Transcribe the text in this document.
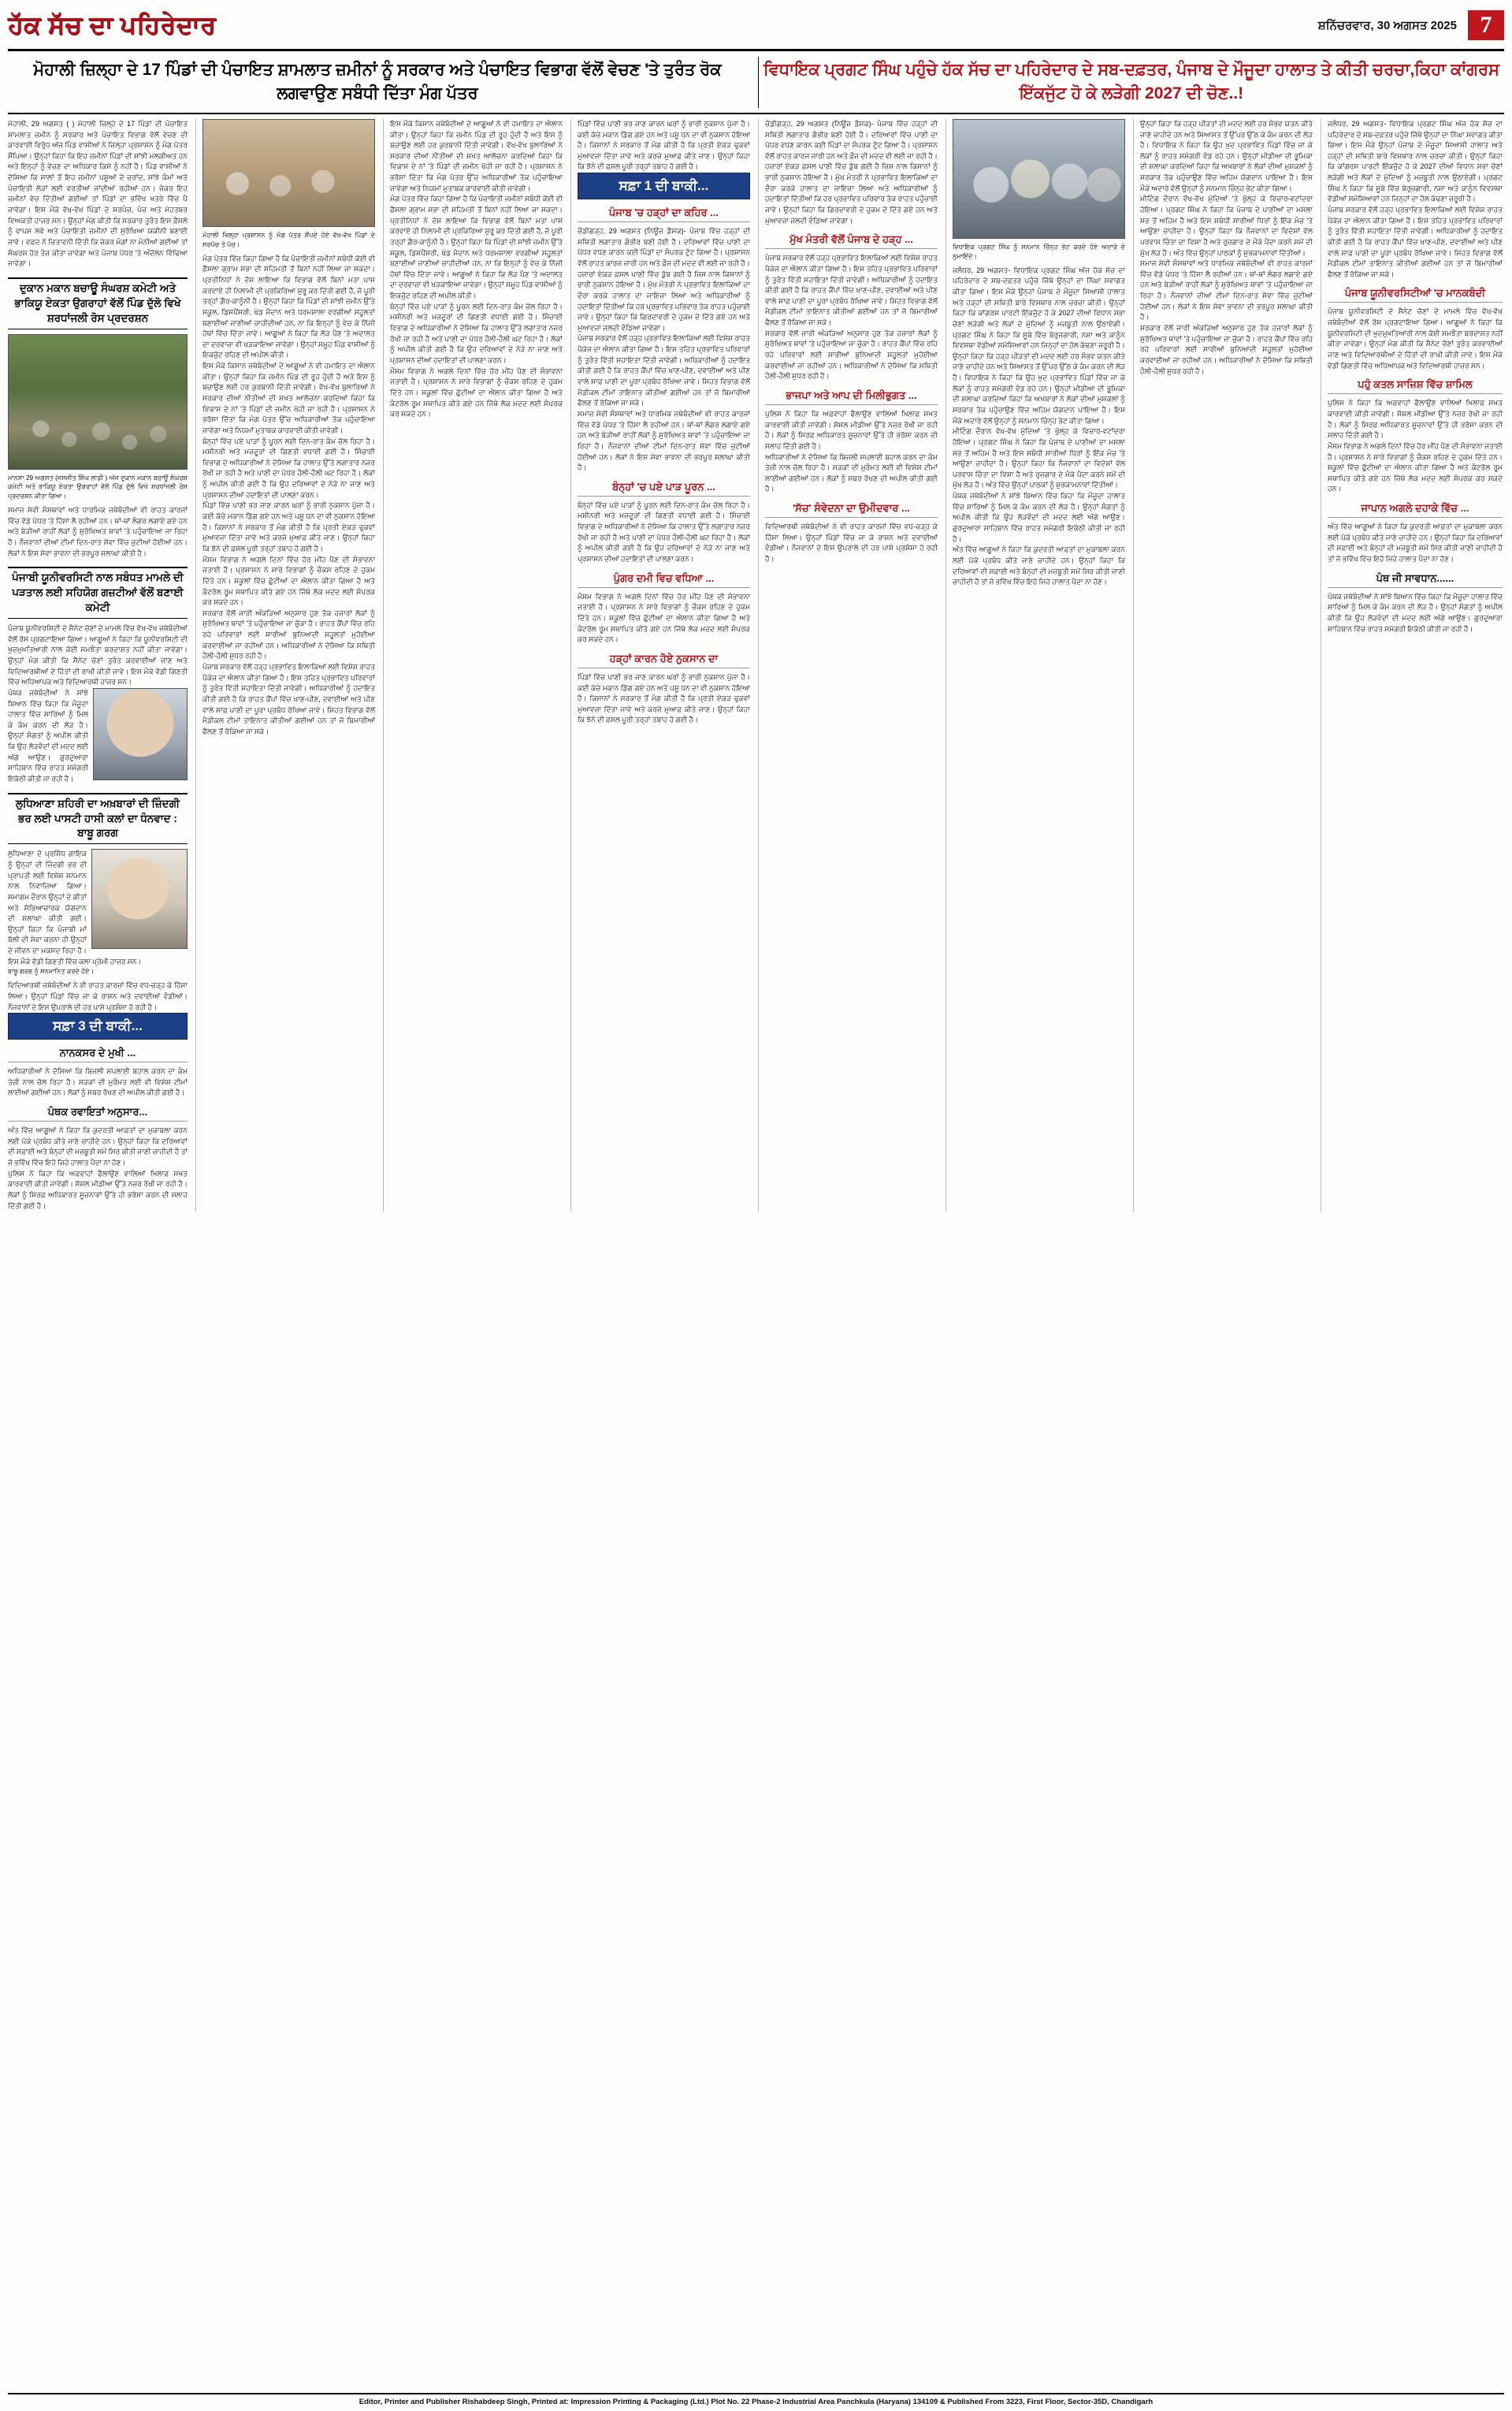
ਹੱਕ ਸੱਚ ਦਾ ਪਹਿਰੇਦਾਰ	ਸ਼ਨਿੱਚਰਵਾਰ, 30 ਅਗਸਤ 2025 7
ਮੋਹਾਲੀ ਜ਼ਿਲ੍ਹਾ ਦੇ 17 ਪਿੰਡਾਂ ਦੀ ਪੰਚਾਇਤ ਸ਼ਾਮਲਾਤ ਜ਼ਮੀਨਾਂ ਨੂੰ ਸਰਕਾਰ ਅਤੇ ਪੰਚਾਇਤ ਵਿਭਾਗ ਵੱਲੋਂ ਵੇਚਣ 'ਤੇ ਤੁਰੰਤ ਰੋਕ ਲਗਵਾਉਣ ਸਬੰਧੀ ਦਿੱਤਾ ਮੰਗ ਪੱਤਰ
ਵਿਧਾਇਕ ਪ੍ਰਗਟ ਸਿੰਘ ਪਹੁੰਚੇ ਹੱਕ ਸੱਚ ਦਾ ਪਹਿਰੇਦਾਰ ਦੇ ਸਬ-ਦਫ਼ਤਰ, ਪੰਜਾਬ ਦੇ ਮੌਜੂਦਾ ਹਾਲਾਤ ਤੇ ਕੀਤੀ ਚਰਚਾ,ਕਿਹਾ ਕਾਂਗਰਸ ਇੱਕਜੁੱਟ ਹੋ ਕੇ ਲੜੇਗੀ 2027 ਦੀ ਚੋਣ..!
ਮੋਹਾਲੀ, 29 ਅਗਸਤ ( ) ਮੋਹਾਲੀ ਜ਼ਿਲ੍ਹੇ ਦੇ 17 ਪਿੰਡਾਂ ਦੀ ਪੰਚਾਇਤ ਸ਼ਾਮਲਾਤ ਜ਼ਮੀਨ ਨੂੰ ਸਰਕਾਰ ਅਤੇ ਪੰਚਾਇਤ ਵਿਭਾਗ ਵੱਲੋਂ ਵੇਚਣ ਦੀ ਕਾਰਵਾਈ ਵਿਰੁੱਧ ਅੱਜ ਪਿੰਡ ਵਾਸੀਆਂ ਨੇ ਜ਼ਿਲ੍ਹਾ ਪ੍ਰਸ਼ਾਸਨ ਨੂੰ ਮੰਗ ਪੱਤਰ ਸੌਂਪਿਆ। ਉਨ੍ਹਾਂ ਕਿਹਾ ਕਿ ਇਹ ਜ਼ਮੀਨਾਂ ਪਿੰਡਾਂ ਦੀ ਸਾਂਝੀ ਮਲਕੀਅਤ ਹਨ ਅਤੇ ਇਨ੍ਹਾਂ ਨੂੰ ਵੇਚਣ ਦਾ ਅਧਿਕਾਰ ਕਿਸੇ ਨੂੰ ਨਹੀਂ ਹੈ। ਪਿੰਡ ਵਾਸੀਆਂ ਨੇ ਦੱਸਿਆ ਕਿ ਸਾਲਾਂ ਤੋਂ ਇਹ ਜ਼ਮੀਨਾਂ ਪਸ਼ੂਆਂ ਦੇ ਚਰਾਂਦ, ਸਾਂਝੇ ਕੰਮਾਂ ਅਤੇ ਪੰਚਾਇਤੀ ਲੋੜਾਂ ਲਈ ਵਰਤੀਆਂ ਜਾਂਦੀਆਂ ਰਹੀਆਂ ਹਨ। ਜੇਕਰ ਇਹ ਜ਼ਮੀਨਾਂ ਵੇਚ ਦਿੱਤੀਆਂ ਗਈਆਂ ਤਾਂ ਪਿੰਡਾਂ ਦਾ ਭਵਿੱਖ ਖ਼ਤਰੇ ਵਿੱਚ ਪੈ ਜਾਵੇਗਾ। ਇਸ ਮੌਕੇ ਵੱਖ-ਵੱਖ ਪਿੰਡਾਂ ਦੇ ਸਰਪੰਚ, ਪੰਚ ਅਤੇ ਮੋਹਤਬਰ ਵਿਅਕਤੀ ਹਾਜ਼ਰ ਸਨ। ਉਨ੍ਹਾਂ ਮੰਗ ਕੀਤੀ ਕਿ ਸਰਕਾਰ ਤੁਰੰਤ ਇਸ ਫ਼ੈਸਲੇ ਨੂੰ ਵਾਪਸ ਲਵੇ ਅਤੇ ਪੰਚਾਇਤੀ ਜ਼ਮੀਨਾਂ ਦੀ ਸੁਰੱਖਿਆ ਯਕੀਨੀ ਬਣਾਈ ਜਾਵੇ। ਵਫ਼ਦ ਨੇ ਚਿਤਾਵਨੀ ਦਿੱਤੀ ਕਿ ਜੇਕਰ ਮੰਗਾਂ ਨਾ ਮੰਨੀਆਂ ਗਈਆਂ ਤਾਂ ਸੰਘਰਸ਼ ਹੋਰ ਤੇਜ਼ ਕੀਤਾ ਜਾਵੇਗਾ ਅਤੇ ਪੰਜਾਬ ਪੱਧਰ 'ਤੇ ਅੰਦੋਲਨ ਵਿੱਢਿਆ ਜਾਵੇਗਾ।
ਦੁਕਾਨ ਮਕਾਨ ਬਚਾਊ ਸੰਘਰਸ਼ ਕਮੇਟੀ ਅਤੇ ਭਾਕਿਯੂ ਏਕਤਾ ਉਗਰਾਹਾਂ ਵੱਲੋਂ ਪਿੰਡ ਦੁੱਲੋ ਵਿਖੇ ਸ਼ਰਧਾਂਜਲੀ ਰੋਸ ਪ੍ਰਦਰਸ਼ਨ
ਮਾਨਸਾ 29 ਅਗਸਤ (ਜਸਜੀਤ ਸਿੰਘ ਲਾਡੀ ) ਅੱਜ ਦੁਕਾਨ ਮਕਾਨ ਬਚਾਊ ਸੰਘਰਸ਼ ਕਮੇਟੀ ਅਤੇ ਭਾਕਿਯੂ ਏਕਤਾ ਉਗਰਾਹਾਂ ਵੱਲੋਂ ਪਿੰਡ ਦੁੱਲੋ ਵਿਖੇ ਸ਼ਰਧਾਂਜਲੀ ਰੋਸ ਪ੍ਰਦਰਸ਼ਨ ਕੀਤਾ ਗਿਆ।
ਸਮਾਜ ਸੇਵੀ ਸੰਸਥਾਵਾਂ ਅਤੇ ਧਾਰਮਿਕ ਜਥੇਬੰਦੀਆਂ ਵੀ ਰਾਹਤ ਕਾਰਜਾਂ ਵਿੱਚ ਵੱਡੇ ਪੱਧਰ 'ਤੇ ਹਿੱਸਾ ਲੈ ਰਹੀਆਂ ਹਨ। ਥਾਂ-ਥਾਂ ਲੰਗਰ ਲਗਾਏ ਗਏ ਹਨ ਅਤੇ ਬੇੜੀਆਂ ਰਾਹੀਂ ਲੋਕਾਂ ਨੂੰ ਸੁਰੱਖਿਅਤ ਥਾਵਾਂ 'ਤੇ ਪਹੁੰਚਾਇਆ ਜਾ ਰਿਹਾ ਹੈ। ਨੌਜਵਾਨਾਂ ਦੀਆਂ ਟੀਮਾਂ ਦਿਨ-ਰਾਤ ਸੇਵਾ ਵਿੱਚ ਜੁਟੀਆਂ ਹੋਈਆਂ ਹਨ। ਲੋਕਾਂ ਨੇ ਇਸ ਸੇਵਾ ਭਾਵਨਾ ਦੀ ਭਰਪੂਰ ਸ਼ਲਾਘਾ ਕੀਤੀ ਹੈ।
ਪੰਜਾਬੀ ਯੂਨੀਵਰਸਿਟੀ ਨਾਲ ਸਬੰਧਤ ਮਾਮਲੇ ਦੀ ਪੜਤਾਲ ਲਈ ਸਹਿਯੋਗ ਗਜ਼ਟੀਆਂ ਵੱਲੋਂ ਬਣਾਈ ਕਮੇਟੀ
ਪੰਜਾਬ ਯੂਨੀਵਰਸਿਟੀ ਦੇ ਸੈਨੇਟ ਚੋਣਾਂ ਦੇ ਮਾਮਲੇ ਵਿੱਚ ਵੱਖ-ਵੱਖ ਜਥੇਬੰਦੀਆਂ ਵੱਲੋਂ ਰੋਸ ਪ੍ਰਗਟਾਇਆ ਗਿਆ। ਆਗੂਆਂ ਨੇ ਕਿਹਾ ਕਿ ਯੂਨੀਵਰਸਿਟੀ ਦੀ ਖ਼ੁਦਮੁਖ਼ਤਿਆਰੀ ਨਾਲ ਕੋਈ ਸਮਝੌਤਾ ਬਰਦਾਸ਼ਤ ਨਹੀਂ ਕੀਤਾ ਜਾਵੇਗਾ। ਉਨ੍ਹਾਂ ਮੰਗ ਕੀਤੀ ਕਿ ਸੈਨੇਟ ਚੋਣਾਂ ਤੁਰੰਤ ਕਰਵਾਈਆਂ ਜਾਣ ਅਤੇ ਵਿਦਿਆਰਥੀਆਂ ਦੇ ਹਿੱਤਾਂ ਦੀ ਰਾਖੀ ਕੀਤੀ ਜਾਵੇ। ਇਸ ਮੌਕੇ ਵੱਡੀ ਗਿਣਤੀ ਵਿੱਚ ਅਧਿਆਪਕ ਅਤੇ ਵਿਦਿਆਰਥੀ ਹਾਜ਼ਰ ਸਨ।
ਪੰਥਕ ਜਥੇਬੰਦੀਆਂ ਨੇ ਸਾਂਝੇ ਬਿਆਨ ਵਿੱਚ ਕਿਹਾ ਕਿ ਮੌਜੂਦਾ ਹਾਲਾਤ ਵਿੱਚ ਸਾਰਿਆਂ ਨੂੰ ਮਿਲ ਕੇ ਕੰਮ ਕਰਨ ਦੀ ਲੋੜ ਹੈ। ਉਨ੍ਹਾਂ ਸੰਗਤਾਂ ਨੂੰ ਅਪੀਲ ਕੀਤੀ ਕਿ ਉਹ ਲੋੜਵੰਦਾਂ ਦੀ ਮਦਦ ਲਈ ਅੱਗੇ ਆਉਣ। ਗੁਰਦੁਆਰਾ ਸਾਹਿਬਾਨ ਵਿੱਚ ਰਾਹਤ ਸਮੱਗਰੀ ਇਕੱਠੀ ਕੀਤੀ ਜਾ ਰਹੀ ਹੈ।
ਲੁਧਿਆਣਾ ਸ਼ਹਿਰੀ ਦਾ ਅਖ਼ਬਾਰਾਂ ਦੀ ਜ਼ਿੰਦਗੀ ਭਰ ਲਈ ਪਾਸਟੀ ਹਾਸੀ ਕਲਾਂ ਦਾ ਧੰਨਵਾਦ : ਬਾਬੂ ਗਰਗ
ਲੁਧਿਆਣਾ ਦੇ ਪ੍ਰਸਿੱਧ ਗਾਇਕ ਨੂੰ ਉਨ੍ਹਾਂ ਦੀ ਜ਼ਿੰਦਗੀ ਭਰ ਦੀ ਪ੍ਰਾਪਤੀ ਲਈ ਵਿਸ਼ੇਸ਼ ਸਨਮਾਨ ਨਾਲ ਨਿਵਾਜਿਆ ਗਿਆ। ਸਮਾਗਮ ਦੌਰਾਨ ਉਨ੍ਹਾਂ ਦੇ ਗੀਤਾਂ ਅਤੇ ਸੱਭਿਆਚਾਰਕ ਯੋਗਦਾਨ ਦੀ ਸ਼ਲਾਘਾ ਕੀਤੀ ਗਈ। ਉਨ੍ਹਾਂ ਕਿਹਾ ਕਿ ਪੰਜਾਬੀ ਮਾਂ ਬੋਲੀ ਦੀ ਸੇਵਾ ਕਰਨਾ ਹੀ ਉਨ੍ਹਾਂ ਦੇ ਜੀਵਨ ਦਾ ਮਕਸਦ ਰਿਹਾ ਹੈ। ਇਸ ਮੌਕੇ ਵੱਡੀ ਗਿਣਤੀ ਵਿੱਚ ਕਲਾ ਪ੍ਰੇਮੀ ਹਾਜ਼ਰ ਸਨ।
ਬਾਬੂ ਗਰਗ ਨੂੰ ਸਨਮਾਨਿਤ ਕਰਦੇ ਹੋਏ।
ਵਿਦਿਆਰਥੀ ਜਥੇਬੰਦੀਆਂ ਨੇ ਵੀ ਰਾਹਤ ਕਾਰਜਾਂ ਵਿੱਚ ਵਧ-ਚੜ੍ਹ ਕੇ ਹਿੱਸਾ ਲਿਆ। ਉਨ੍ਹਾਂ ਪਿੰਡਾਂ ਵਿੱਚ ਜਾ ਕੇ ਰਾਸ਼ਨ ਅਤੇ ਦਵਾਈਆਂ ਵੰਡੀਆਂ। ਨੌਜਵਾਨਾਂ ਦੇ ਇਸ ਉਪਰਾਲੇ ਦੀ ਹਰ ਪਾਸੇ ਪ੍ਰਸ਼ੰਸਾ ਹੋ ਰਹੀ ਹੈ।
ਸਫ਼ਾ 3 ਦੀ ਬਾਕੀ...
ਨਾਨਕਸਰ ਦੇ ਮੁਖੀ ...
ਅਧਿਕਾਰੀਆਂ ਨੇ ਦੱਸਿਆ ਕਿ ਬਿਜਲੀ ਸਪਲਾਈ ਬਹਾਲ ਕਰਨ ਦਾ ਕੰਮ ਤੇਜ਼ੀ ਨਾਲ ਚੱਲ ਰਿਹਾ ਹੈ। ਸੜਕਾਂ ਦੀ ਮੁਰੰਮਤ ਲਈ ਵੀ ਵਿਸ਼ੇਸ਼ ਟੀਮਾਂ ਲਾਈਆਂ ਗਈਆਂ ਹਨ। ਲੋਕਾਂ ਨੂੰ ਸਬਰ ਰੱਖਣ ਦੀ ਅਪੀਲ ਕੀਤੀ ਗਈ ਹੈ।
ਪੰਥਕ ਰਵਾਇਤਾਂ ਅਨੁਸਾਰ...
ਅੰਤ ਵਿੱਚ ਆਗੂਆਂ ਨੇ ਕਿਹਾ ਕਿ ਕੁਦਰਤੀ ਆਫ਼ਤਾਂ ਦਾ ਮੁਕਾਬਲਾ ਕਰਨ ਲਈ ਪੱਕੇ ਪ੍ਰਬੰਧ ਕੀਤੇ ਜਾਣੇ ਚਾਹੀਦੇ ਹਨ। ਉਨ੍ਹਾਂ ਕਿਹਾ ਕਿ ਦਰਿਆਵਾਂ ਦੀ ਸਫ਼ਾਈ ਅਤੇ ਬੰਨ੍ਹਾਂ ਦੀ ਮਜ਼ਬੂਤੀ ਸਮੇਂ ਸਿਰ ਕੀਤੀ ਜਾਣੀ ਚਾਹੀਦੀ ਹੈ ਤਾਂ ਜੋ ਭਵਿੱਖ ਵਿੱਚ ਇਹੋ ਜਿਹੇ ਹਾਲਾਤ ਪੈਦਾ ਨਾ ਹੋਣ।
ਪੁਲਿਸ ਨੇ ਕਿਹਾ ਕਿ ਅਫ਼ਵਾਹਾਂ ਫੈਲਾਉਣ ਵਾਲਿਆਂ ਖ਼ਿਲਾਫ਼ ਸਖ਼ਤ ਕਾਰਵਾਈ ਕੀਤੀ ਜਾਵੇਗੀ। ਸੋਸ਼ਲ ਮੀਡੀਆ ਉੱਤੇ ਨਜ਼ਰ ਰੱਖੀ ਜਾ ਰਹੀ ਹੈ। ਲੋਕਾਂ ਨੂੰ ਸਿਰਫ਼ ਅਧਿਕਾਰਤ ਸੂਚਨਾਵਾਂ ਉੱਤੇ ਹੀ ਭਰੋਸਾ ਕਰਨ ਦੀ ਸਲਾਹ ਦਿੱਤੀ ਗਈ ਹੈ।
ਮੋਹਾਲੀ ਜ਼ਿਲ੍ਹਾ ਪ੍ਰਸ਼ਾਸਨ ਨੂੰ ਮੰਗ ਪੱਤਰ ਸੌਂਪਦੇ ਹੋਏ ਵੱਖ-ਵੱਖ ਪਿੰਡਾਂ ਦੇ ਸਰਪੰਚ ਤੇ ਪੰਚ।
ਮੰਗ ਪੱਤਰ ਵਿੱਚ ਕਿਹਾ ਗਿਆ ਹੈ ਕਿ ਪੰਚਾਇਤੀ ਜ਼ਮੀਨਾਂ ਸਬੰਧੀ ਕੋਈ ਵੀ ਫ਼ੈਸਲਾ ਗ੍ਰਾਮ ਸਭਾ ਦੀ ਸਹਿਮਤੀ ਤੋਂ ਬਿਨਾਂ ਨਹੀਂ ਲਿਆ ਜਾ ਸਕਦਾ। ਪ੍ਰਤੀਨਿਧਾਂ ਨੇ ਦੋਸ਼ ਲਾਇਆ ਕਿ ਵਿਭਾਗ ਵੱਲੋਂ ਬਿਨਾਂ ਮਤਾ ਪਾਸ ਕਰਵਾਏ ਹੀ ਨਿਲਾਮੀ ਦੀ ਪ੍ਰਕਿਰਿਆ ਸ਼ੁਰੂ ਕਰ ਦਿੱਤੀ ਗਈ ਹੈ, ਜੋ ਪੂਰੀ ਤਰ੍ਹਾਂ ਗ਼ੈਰ-ਕਾਨੂੰਨੀ ਹੈ। ਉਨ੍ਹਾਂ ਕਿਹਾ ਕਿ ਪਿੰਡਾਂ ਦੀ ਸਾਂਝੀ ਜ਼ਮੀਨ ਉੱਤੇ ਸਕੂਲ, ਡਿਸਪੈਂਸਰੀ, ਖੇਡ ਮੈਦਾਨ ਅਤੇ ਧਰਮਸ਼ਾਲਾ ਵਰਗੀਆਂ ਸਹੂਲਤਾਂ ਬਣਾਈਆਂ ਜਾਣੀਆਂ ਚਾਹੀਦੀਆਂ ਹਨ, ਨਾ ਕਿ ਇਨ੍ਹਾਂ ਨੂੰ ਵੇਚ ਕੇ ਨਿੱਜੀ ਹੱਥਾਂ ਵਿੱਚ ਦਿੱਤਾ ਜਾਵੇ। ਆਗੂਆਂ ਨੇ ਕਿਹਾ ਕਿ ਲੋੜ ਪੈਣ 'ਤੇ ਅਦਾਲਤ ਦਾ ਦਰਵਾਜ਼ਾ ਵੀ ਖੜਕਾਇਆ ਜਾਵੇਗਾ। ਉਨ੍ਹਾਂ ਸਮੂਹ ਪਿੰਡ ਵਾਸੀਆਂ ਨੂੰ ਇਕਜੁੱਟ ਰਹਿਣ ਦੀ ਅਪੀਲ ਕੀਤੀ।
ਇਸ ਮੌਕੇ ਕਿਸਾਨ ਜਥੇਬੰਦੀਆਂ ਦੇ ਆਗੂਆਂ ਨੇ ਵੀ ਹਮਾਇਤ ਦਾ ਐਲਾਨ ਕੀਤਾ। ਉਨ੍ਹਾਂ ਕਿਹਾ ਕਿ ਜ਼ਮੀਨ ਪਿੰਡ ਦੀ ਰੂਹ ਹੁੰਦੀ ਹੈ ਅਤੇ ਇਸ ਨੂੰ ਬਚਾਉਣ ਲਈ ਹਰ ਕੁਰਬਾਨੀ ਦਿੱਤੀ ਜਾਵੇਗੀ। ਵੱਖ-ਵੱਖ ਬੁਲਾਰਿਆਂ ਨੇ ਸਰਕਾਰ ਦੀਆਂ ਨੀਤੀਆਂ ਦੀ ਸਖ਼ਤ ਆਲੋਚਨਾ ਕਰਦਿਆਂ ਕਿਹਾ ਕਿ ਵਿਕਾਸ ਦੇ ਨਾਂ 'ਤੇ ਪਿੰਡਾਂ ਦੀ ਜ਼ਮੀਨ ਖੋਹੀ ਜਾ ਰਹੀ ਹੈ। ਪ੍ਰਸ਼ਾਸਨ ਨੇ ਭਰੋਸਾ ਦਿੱਤਾ ਕਿ ਮੰਗ ਪੱਤਰ ਉੱਚ ਅਧਿਕਾਰੀਆਂ ਤੱਕ ਪਹੁੰਚਾਇਆ ਜਾਵੇਗਾ ਅਤੇ ਨਿਯਮਾਂ ਮੁਤਾਬਕ ਕਾਰਵਾਈ ਕੀਤੀ ਜਾਵੇਗੀ।
ਬੰਨ੍ਹਾਂ ਵਿੱਚ ਪਏ ਪਾੜਾਂ ਨੂੰ ਪੂਰਨ ਲਈ ਦਿਨ-ਰਾਤ ਕੰਮ ਚੱਲ ਰਿਹਾ ਹੈ। ਮਸ਼ੀਨਰੀ ਅਤੇ ਮਜ਼ਦੂਰਾਂ ਦੀ ਗਿਣਤੀ ਵਧਾਈ ਗਈ ਹੈ। ਸਿੰਚਾਈ ਵਿਭਾਗ ਦੇ ਅਧਿਕਾਰੀਆਂ ਨੇ ਦੱਸਿਆ ਕਿ ਹਾਲਾਤ ਉੱਤੇ ਲਗਾਤਾਰ ਨਜ਼ਰ ਰੱਖੀ ਜਾ ਰਹੀ ਹੈ ਅਤੇ ਪਾਣੀ ਦਾ ਪੱਧਰ ਹੌਲੀ-ਹੌਲੀ ਘਟ ਰਿਹਾ ਹੈ। ਲੋਕਾਂ ਨੂੰ ਅਪੀਲ ਕੀਤੀ ਗਈ ਹੈ ਕਿ ਉਹ ਦਰਿਆਵਾਂ ਦੇ ਨੇੜੇ ਨਾ ਜਾਣ ਅਤੇ ਪ੍ਰਸ਼ਾਸਨ ਦੀਆਂ ਹਦਾਇਤਾਂ ਦੀ ਪਾਲਣਾ ਕਰਨ।
ਪਿੰਡਾਂ ਵਿੱਚ ਪਾਣੀ ਭਰ ਜਾਣ ਕਾਰਨ ਘਰਾਂ ਨੂੰ ਭਾਰੀ ਨੁਕਸਾਨ ਪੁੱਜਾ ਹੈ। ਕਈ ਕੱਚੇ ਮਕਾਨ ਡਿੱਗ ਗਏ ਹਨ ਅਤੇ ਪਸ਼ੂ ਧਨ ਦਾ ਵੀ ਨੁਕਸਾਨ ਹੋਇਆ ਹੈ। ਕਿਸਾਨਾਂ ਨੇ ਸਰਕਾਰ ਤੋਂ ਮੰਗ ਕੀਤੀ ਹੈ ਕਿ ਪ੍ਰਤੀ ਏਕੜ ਢੁਕਵਾਂ ਮੁਆਵਜ਼ਾ ਦਿੱਤਾ ਜਾਵੇ ਅਤੇ ਕਰਜ਼ੇ ਮੁਆਫ਼ ਕੀਤੇ ਜਾਣ। ਉਨ੍ਹਾਂ ਕਿਹਾ ਕਿ ਝੋਨੇ ਦੀ ਫ਼ਸਲ ਪੂਰੀ ਤਰ੍ਹਾਂ ਤਬਾਹ ਹੋ ਗਈ ਹੈ।
ਮੌਸਮ ਵਿਭਾਗ ਨੇ ਅਗਲੇ ਦਿਨਾਂ ਵਿੱਚ ਹੋਰ ਮੀਂਹ ਪੈਣ ਦੀ ਸੰਭਾਵਨਾ ਜਤਾਈ ਹੈ। ਪ੍ਰਸ਼ਾਸਨ ਨੇ ਸਾਰੇ ਵਿਭਾਗਾਂ ਨੂੰ ਚੌਕਸ ਰਹਿਣ ਦੇ ਹੁਕਮ ਦਿੱਤੇ ਹਨ। ਸਕੂਲਾਂ ਵਿੱਚ ਛੁੱਟੀਆਂ ਦਾ ਐਲਾਨ ਕੀਤਾ ਗਿਆ ਹੈ ਅਤੇ ਕੰਟਰੋਲ ਰੂਮ ਸਥਾਪਿਤ ਕੀਤੇ ਗਏ ਹਨ ਜਿੱਥੇ ਲੋਕ ਮਦਦ ਲਈ ਸੰਪਰਕ ਕਰ ਸਕਦੇ ਹਨ।
ਸਰਕਾਰ ਵੱਲੋਂ ਜਾਰੀ ਅੰਕੜਿਆਂ ਅਨੁਸਾਰ ਹੁਣ ਤੱਕ ਹਜ਼ਾਰਾਂ ਲੋਕਾਂ ਨੂੰ ਸੁਰੱਖਿਅਤ ਥਾਵਾਂ 'ਤੇ ਪਹੁੰਚਾਇਆ ਜਾ ਚੁੱਕਾ ਹੈ। ਰਾਹਤ ਕੈਂਪਾਂ ਵਿੱਚ ਰਹਿ ਰਹੇ ਪਰਿਵਾਰਾਂ ਲਈ ਸਾਰੀਆਂ ਬੁਨਿਆਦੀ ਸਹੂਲਤਾਂ ਮੁਹੱਈਆ ਕਰਵਾਈਆਂ ਜਾ ਰਹੀਆਂ ਹਨ। ਅਧਿਕਾਰੀਆਂ ਨੇ ਦੱਸਿਆ ਕਿ ਸਥਿਤੀ ਹੌਲੀ-ਹੌਲੀ ਸੁਧਰ ਰਹੀ ਹੈ।
ਪੰਜਾਬ ਸਰਕਾਰ ਵੱਲੋਂ ਹੜ੍ਹ ਪ੍ਰਭਾਵਿਤ ਇਲਾਕਿਆਂ ਲਈ ਵਿਸ਼ੇਸ਼ ਰਾਹਤ ਪੈਕੇਜ ਦਾ ਐਲਾਨ ਕੀਤਾ ਗਿਆ ਹੈ। ਇਸ ਤਹਿਤ ਪ੍ਰਭਾਵਿਤ ਪਰਿਵਾਰਾਂ ਨੂੰ ਤੁਰੰਤ ਵਿੱਤੀ ਸਹਾਇਤਾ ਦਿੱਤੀ ਜਾਵੇਗੀ। ਅਧਿਕਾਰੀਆਂ ਨੂੰ ਹਦਾਇਤ ਕੀਤੀ ਗਈ ਹੈ ਕਿ ਰਾਹਤ ਕੈਂਪਾਂ ਵਿੱਚ ਖਾਣ-ਪੀਣ, ਦਵਾਈਆਂ ਅਤੇ ਪੀਣ ਵਾਲੇ ਸਾਫ਼ ਪਾਣੀ ਦਾ ਪੂਰਾ ਪ੍ਰਬੰਧ ਰੱਖਿਆ ਜਾਵੇ। ਸਿਹਤ ਵਿਭਾਗ ਵੱਲੋਂ ਮੈਡੀਕਲ ਟੀਮਾਂ ਤਾਇਨਾਤ ਕੀਤੀਆਂ ਗਈਆਂ ਹਨ ਤਾਂ ਜੋ ਬਿਮਾਰੀਆਂ ਫੈਲਣ ਤੋਂ ਰੋਕਿਆ ਜਾ ਸਕੇ।
ਇਸ ਮੌਕੇ ਕਿਸਾਨ ਜਥੇਬੰਦੀਆਂ ਦੇ ਆਗੂਆਂ ਨੇ ਵੀ ਹਮਾਇਤ ਦਾ ਐਲਾਨ ਕੀਤਾ। ਉਨ੍ਹਾਂ ਕਿਹਾ ਕਿ ਜ਼ਮੀਨ ਪਿੰਡ ਦੀ ਰੂਹ ਹੁੰਦੀ ਹੈ ਅਤੇ ਇਸ ਨੂੰ ਬਚਾਉਣ ਲਈ ਹਰ ਕੁਰਬਾਨੀ ਦਿੱਤੀ ਜਾਵੇਗੀ। ਵੱਖ-ਵੱਖ ਬੁਲਾਰਿਆਂ ਨੇ ਸਰਕਾਰ ਦੀਆਂ ਨੀਤੀਆਂ ਦੀ ਸਖ਼ਤ ਆਲੋਚਨਾ ਕਰਦਿਆਂ ਕਿਹਾ ਕਿ ਵਿਕਾਸ ਦੇ ਨਾਂ 'ਤੇ ਪਿੰਡਾਂ ਦੀ ਜ਼ਮੀਨ ਖੋਹੀ ਜਾ ਰਹੀ ਹੈ। ਪ੍ਰਸ਼ਾਸਨ ਨੇ ਭਰੋਸਾ ਦਿੱਤਾ ਕਿ ਮੰਗ ਪੱਤਰ ਉੱਚ ਅਧਿਕਾਰੀਆਂ ਤੱਕ ਪਹੁੰਚਾਇਆ ਜਾਵੇਗਾ ਅਤੇ ਨਿਯਮਾਂ ਮੁਤਾਬਕ ਕਾਰਵਾਈ ਕੀਤੀ ਜਾਵੇਗੀ।
ਮੰਗ ਪੱਤਰ ਵਿੱਚ ਕਿਹਾ ਗਿਆ ਹੈ ਕਿ ਪੰਚਾਇਤੀ ਜ਼ਮੀਨਾਂ ਸਬੰਧੀ ਕੋਈ ਵੀ ਫ਼ੈਸਲਾ ਗ੍ਰਾਮ ਸਭਾ ਦੀ ਸਹਿਮਤੀ ਤੋਂ ਬਿਨਾਂ ਨਹੀਂ ਲਿਆ ਜਾ ਸਕਦਾ। ਪ੍ਰਤੀਨਿਧਾਂ ਨੇ ਦੋਸ਼ ਲਾਇਆ ਕਿ ਵਿਭਾਗ ਵੱਲੋਂ ਬਿਨਾਂ ਮਤਾ ਪਾਸ ਕਰਵਾਏ ਹੀ ਨਿਲਾਮੀ ਦੀ ਪ੍ਰਕਿਰਿਆ ਸ਼ੁਰੂ ਕਰ ਦਿੱਤੀ ਗਈ ਹੈ, ਜੋ ਪੂਰੀ ਤਰ੍ਹਾਂ ਗ਼ੈਰ-ਕਾਨੂੰਨੀ ਹੈ। ਉਨ੍ਹਾਂ ਕਿਹਾ ਕਿ ਪਿੰਡਾਂ ਦੀ ਸਾਂਝੀ ਜ਼ਮੀਨ ਉੱਤੇ ਸਕੂਲ, ਡਿਸਪੈਂਸਰੀ, ਖੇਡ ਮੈਦਾਨ ਅਤੇ ਧਰਮਸ਼ਾਲਾ ਵਰਗੀਆਂ ਸਹੂਲਤਾਂ ਬਣਾਈਆਂ ਜਾਣੀਆਂ ਚਾਹੀਦੀਆਂ ਹਨ, ਨਾ ਕਿ ਇਨ੍ਹਾਂ ਨੂੰ ਵੇਚ ਕੇ ਨਿੱਜੀ ਹੱਥਾਂ ਵਿੱਚ ਦਿੱਤਾ ਜਾਵੇ। ਆਗੂਆਂ ਨੇ ਕਿਹਾ ਕਿ ਲੋੜ ਪੈਣ 'ਤੇ ਅਦਾਲਤ ਦਾ ਦਰਵਾਜ਼ਾ ਵੀ ਖੜਕਾਇਆ ਜਾਵੇਗਾ। ਉਨ੍ਹਾਂ ਸਮੂਹ ਪਿੰਡ ਵਾਸੀਆਂ ਨੂੰ ਇਕਜੁੱਟ ਰਹਿਣ ਦੀ ਅਪੀਲ ਕੀਤੀ।
ਬੰਨ੍ਹਾਂ ਵਿੱਚ ਪਏ ਪਾੜਾਂ ਨੂੰ ਪੂਰਨ ਲਈ ਦਿਨ-ਰਾਤ ਕੰਮ ਚੱਲ ਰਿਹਾ ਹੈ। ਮਸ਼ੀਨਰੀ ਅਤੇ ਮਜ਼ਦੂਰਾਂ ਦੀ ਗਿਣਤੀ ਵਧਾਈ ਗਈ ਹੈ। ਸਿੰਚਾਈ ਵਿਭਾਗ ਦੇ ਅਧਿਕਾਰੀਆਂ ਨੇ ਦੱਸਿਆ ਕਿ ਹਾਲਾਤ ਉੱਤੇ ਲਗਾਤਾਰ ਨਜ਼ਰ ਰੱਖੀ ਜਾ ਰਹੀ ਹੈ ਅਤੇ ਪਾਣੀ ਦਾ ਪੱਧਰ ਹੌਲੀ-ਹੌਲੀ ਘਟ ਰਿਹਾ ਹੈ। ਲੋਕਾਂ ਨੂੰ ਅਪੀਲ ਕੀਤੀ ਗਈ ਹੈ ਕਿ ਉਹ ਦਰਿਆਵਾਂ ਦੇ ਨੇੜੇ ਨਾ ਜਾਣ ਅਤੇ ਪ੍ਰਸ਼ਾਸਨ ਦੀਆਂ ਹਦਾਇਤਾਂ ਦੀ ਪਾਲਣਾ ਕਰਨ।
ਮੌਸਮ ਵਿਭਾਗ ਨੇ ਅਗਲੇ ਦਿਨਾਂ ਵਿੱਚ ਹੋਰ ਮੀਂਹ ਪੈਣ ਦੀ ਸੰਭਾਵਨਾ ਜਤਾਈ ਹੈ। ਪ੍ਰਸ਼ਾਸਨ ਨੇ ਸਾਰੇ ਵਿਭਾਗਾਂ ਨੂੰ ਚੌਕਸ ਰਹਿਣ ਦੇ ਹੁਕਮ ਦਿੱਤੇ ਹਨ। ਸਕੂਲਾਂ ਵਿੱਚ ਛੁੱਟੀਆਂ ਦਾ ਐਲਾਨ ਕੀਤਾ ਗਿਆ ਹੈ ਅਤੇ ਕੰਟਰੋਲ ਰੂਮ ਸਥਾਪਿਤ ਕੀਤੇ ਗਏ ਹਨ ਜਿੱਥੇ ਲੋਕ ਮਦਦ ਲਈ ਸੰਪਰਕ ਕਰ ਸਕਦੇ ਹਨ।
ਪਿੰਡਾਂ ਵਿੱਚ ਪਾਣੀ ਭਰ ਜਾਣ ਕਾਰਨ ਘਰਾਂ ਨੂੰ ਭਾਰੀ ਨੁਕਸਾਨ ਪੁੱਜਾ ਹੈ। ਕਈ ਕੱਚੇ ਮਕਾਨ ਡਿੱਗ ਗਏ ਹਨ ਅਤੇ ਪਸ਼ੂ ਧਨ ਦਾ ਵੀ ਨੁਕਸਾਨ ਹੋਇਆ ਹੈ। ਕਿਸਾਨਾਂ ਨੇ ਸਰਕਾਰ ਤੋਂ ਮੰਗ ਕੀਤੀ ਹੈ ਕਿ ਪ੍ਰਤੀ ਏਕੜ ਢੁਕਵਾਂ ਮੁਆਵਜ਼ਾ ਦਿੱਤਾ ਜਾਵੇ ਅਤੇ ਕਰਜ਼ੇ ਮੁਆਫ਼ ਕੀਤੇ ਜਾਣ। ਉਨ੍ਹਾਂ ਕਿਹਾ ਕਿ ਝੋਨੇ ਦੀ ਫ਼ਸਲ ਪੂਰੀ ਤਰ੍ਹਾਂ ਤਬਾਹ ਹੋ ਗਈ ਹੈ।
ਸਫ਼ਾ 1 ਦੀ ਬਾਕੀ...
ਪੰਜਾਬ 'ਚ ਹੜ੍ਹਾਂ ਦਾ ਕਹਿਰ ...
ਚੰਡੀਗੜ੍ਹ, 29 ਅਗਸਤ (ਨਿਊਜ਼ ਡੈਸਕ)- ਪੰਜਾਬ ਵਿੱਚ ਹੜ੍ਹਾਂ ਦੀ ਸਥਿਤੀ ਲਗਾਤਾਰ ਗੰਭੀਰ ਬਣੀ ਹੋਈ ਹੈ। ਦਰਿਆਵਾਂ ਵਿੱਚ ਪਾਣੀ ਦਾ ਪੱਧਰ ਵਧਣ ਕਾਰਨ ਕਈ ਪਿੰਡਾਂ ਦਾ ਸੰਪਰਕ ਟੁੱਟ ਗਿਆ ਹੈ। ਪ੍ਰਸ਼ਾਸਨ ਵੱਲੋਂ ਰਾਹਤ ਕਾਰਜ ਜਾਰੀ ਹਨ ਅਤੇ ਫ਼ੌਜ ਦੀ ਮਦਦ ਵੀ ਲਈ ਜਾ ਰਹੀ ਹੈ। ਹਜ਼ਾਰਾਂ ਏਕੜ ਫ਼ਸਲ ਪਾਣੀ ਵਿੱਚ ਡੁੱਬ ਗਈ ਹੈ ਜਿਸ ਨਾਲ ਕਿਸਾਨਾਂ ਨੂੰ ਭਾਰੀ ਨੁਕਸਾਨ ਹੋਇਆ ਹੈ। ਮੁੱਖ ਮੰਤਰੀ ਨੇ ਪ੍ਰਭਾਵਿਤ ਇਲਾਕਿਆਂ ਦਾ ਦੌਰਾ ਕਰਕੇ ਹਾਲਾਤ ਦਾ ਜਾਇਜ਼ਾ ਲਿਆ ਅਤੇ ਅਧਿਕਾਰੀਆਂ ਨੂੰ ਹਦਾਇਤਾਂ ਦਿੱਤੀਆਂ ਕਿ ਹਰ ਪ੍ਰਭਾਵਿਤ ਪਰਿਵਾਰ ਤੱਕ ਰਾਹਤ ਪਹੁੰਚਾਈ ਜਾਵੇ। ਉਨ੍ਹਾਂ ਕਿਹਾ ਕਿ ਗਿਰਦਾਵਰੀ ਦੇ ਹੁਕਮ ਦੇ ਦਿੱਤੇ ਗਏ ਹਨ ਅਤੇ ਮੁਆਵਜ਼ਾ ਜਲਦੀ ਵੰਡਿਆ ਜਾਵੇਗਾ।
ਪੰਜਾਬ ਸਰਕਾਰ ਵੱਲੋਂ ਹੜ੍ਹ ਪ੍ਰਭਾਵਿਤ ਇਲਾਕਿਆਂ ਲਈ ਵਿਸ਼ੇਸ਼ ਰਾਹਤ ਪੈਕੇਜ ਦਾ ਐਲਾਨ ਕੀਤਾ ਗਿਆ ਹੈ। ਇਸ ਤਹਿਤ ਪ੍ਰਭਾਵਿਤ ਪਰਿਵਾਰਾਂ ਨੂੰ ਤੁਰੰਤ ਵਿੱਤੀ ਸਹਾਇਤਾ ਦਿੱਤੀ ਜਾਵੇਗੀ। ਅਧਿਕਾਰੀਆਂ ਨੂੰ ਹਦਾਇਤ ਕੀਤੀ ਗਈ ਹੈ ਕਿ ਰਾਹਤ ਕੈਂਪਾਂ ਵਿੱਚ ਖਾਣ-ਪੀਣ, ਦਵਾਈਆਂ ਅਤੇ ਪੀਣ ਵਾਲੇ ਸਾਫ਼ ਪਾਣੀ ਦਾ ਪੂਰਾ ਪ੍ਰਬੰਧ ਰੱਖਿਆ ਜਾਵੇ। ਸਿਹਤ ਵਿਭਾਗ ਵੱਲੋਂ ਮੈਡੀਕਲ ਟੀਮਾਂ ਤਾਇਨਾਤ ਕੀਤੀਆਂ ਗਈਆਂ ਹਨ ਤਾਂ ਜੋ ਬਿਮਾਰੀਆਂ ਫੈਲਣ ਤੋਂ ਰੋਕਿਆ ਜਾ ਸਕੇ।
ਸਮਾਜ ਸੇਵੀ ਸੰਸਥਾਵਾਂ ਅਤੇ ਧਾਰਮਿਕ ਜਥੇਬੰਦੀਆਂ ਵੀ ਰਾਹਤ ਕਾਰਜਾਂ ਵਿੱਚ ਵੱਡੇ ਪੱਧਰ 'ਤੇ ਹਿੱਸਾ ਲੈ ਰਹੀਆਂ ਹਨ। ਥਾਂ-ਥਾਂ ਲੰਗਰ ਲਗਾਏ ਗਏ ਹਨ ਅਤੇ ਬੇੜੀਆਂ ਰਾਹੀਂ ਲੋਕਾਂ ਨੂੰ ਸੁਰੱਖਿਅਤ ਥਾਵਾਂ 'ਤੇ ਪਹੁੰਚਾਇਆ ਜਾ ਰਿਹਾ ਹੈ। ਨੌਜਵਾਨਾਂ ਦੀਆਂ ਟੀਮਾਂ ਦਿਨ-ਰਾਤ ਸੇਵਾ ਵਿੱਚ ਜੁਟੀਆਂ ਹੋਈਆਂ ਹਨ। ਲੋਕਾਂ ਨੇ ਇਸ ਸੇਵਾ ਭਾਵਨਾ ਦੀ ਭਰਪੂਰ ਸ਼ਲਾਘਾ ਕੀਤੀ ਹੈ।
ਬੰਨ੍ਹਾਂ 'ਚ ਪਏ ਪਾੜ ਪੂਰਨ ...
ਬੰਨ੍ਹਾਂ ਵਿੱਚ ਪਏ ਪਾੜਾਂ ਨੂੰ ਪੂਰਨ ਲਈ ਦਿਨ-ਰਾਤ ਕੰਮ ਚੱਲ ਰਿਹਾ ਹੈ। ਮਸ਼ੀਨਰੀ ਅਤੇ ਮਜ਼ਦੂਰਾਂ ਦੀ ਗਿਣਤੀ ਵਧਾਈ ਗਈ ਹੈ। ਸਿੰਚਾਈ ਵਿਭਾਗ ਦੇ ਅਧਿਕਾਰੀਆਂ ਨੇ ਦੱਸਿਆ ਕਿ ਹਾਲਾਤ ਉੱਤੇ ਲਗਾਤਾਰ ਨਜ਼ਰ ਰੱਖੀ ਜਾ ਰਹੀ ਹੈ ਅਤੇ ਪਾਣੀ ਦਾ ਪੱਧਰ ਹੌਲੀ-ਹੌਲੀ ਘਟ ਰਿਹਾ ਹੈ। ਲੋਕਾਂ ਨੂੰ ਅਪੀਲ ਕੀਤੀ ਗਈ ਹੈ ਕਿ ਉਹ ਦਰਿਆਵਾਂ ਦੇ ਨੇੜੇ ਨਾ ਜਾਣ ਅਤੇ ਪ੍ਰਸ਼ਾਸਨ ਦੀਆਂ ਹਦਾਇਤਾਂ ਦੀ ਪਾਲਣਾ ਕਰਨ।
ਪੁੰਗਰ ਦਮੀ ਵਿਚ ਵਧਿਆ ...
ਮੌਸਮ ਵਿਭਾਗ ਨੇ ਅਗਲੇ ਦਿਨਾਂ ਵਿੱਚ ਹੋਰ ਮੀਂਹ ਪੈਣ ਦੀ ਸੰਭਾਵਨਾ ਜਤਾਈ ਹੈ। ਪ੍ਰਸ਼ਾਸਨ ਨੇ ਸਾਰੇ ਵਿਭਾਗਾਂ ਨੂੰ ਚੌਕਸ ਰਹਿਣ ਦੇ ਹੁਕਮ ਦਿੱਤੇ ਹਨ। ਸਕੂਲਾਂ ਵਿੱਚ ਛੁੱਟੀਆਂ ਦਾ ਐਲਾਨ ਕੀਤਾ ਗਿਆ ਹੈ ਅਤੇ ਕੰਟਰੋਲ ਰੂਮ ਸਥਾਪਿਤ ਕੀਤੇ ਗਏ ਹਨ ਜਿੱਥੇ ਲੋਕ ਮਦਦ ਲਈ ਸੰਪਰਕ ਕਰ ਸਕਦੇ ਹਨ।
ਹੜ੍ਹਾਂ ਕਾਰਨ ਹੋਏ ਨੁਕਸਾਨ ਦਾ
ਪਿੰਡਾਂ ਵਿੱਚ ਪਾਣੀ ਭਰ ਜਾਣ ਕਾਰਨ ਘਰਾਂ ਨੂੰ ਭਾਰੀ ਨੁਕਸਾਨ ਪੁੱਜਾ ਹੈ। ਕਈ ਕੱਚੇ ਮਕਾਨ ਡਿੱਗ ਗਏ ਹਨ ਅਤੇ ਪਸ਼ੂ ਧਨ ਦਾ ਵੀ ਨੁਕਸਾਨ ਹੋਇਆ ਹੈ। ਕਿਸਾਨਾਂ ਨੇ ਸਰਕਾਰ ਤੋਂ ਮੰਗ ਕੀਤੀ ਹੈ ਕਿ ਪ੍ਰਤੀ ਏਕੜ ਢੁਕਵਾਂ ਮੁਆਵਜ਼ਾ ਦਿੱਤਾ ਜਾਵੇ ਅਤੇ ਕਰਜ਼ੇ ਮੁਆਫ਼ ਕੀਤੇ ਜਾਣ। ਉਨ੍ਹਾਂ ਕਿਹਾ ਕਿ ਝੋਨੇ ਦੀ ਫ਼ਸਲ ਪੂਰੀ ਤਰ੍ਹਾਂ ਤਬਾਹ ਹੋ ਗਈ ਹੈ।
ਚੰਡੀਗੜ੍ਹ, 29 ਅਗਸਤ (ਨਿਊਜ਼ ਡੈਸਕ)- ਪੰਜਾਬ ਵਿੱਚ ਹੜ੍ਹਾਂ ਦੀ ਸਥਿਤੀ ਲਗਾਤਾਰ ਗੰਭੀਰ ਬਣੀ ਹੋਈ ਹੈ। ਦਰਿਆਵਾਂ ਵਿੱਚ ਪਾਣੀ ਦਾ ਪੱਧਰ ਵਧਣ ਕਾਰਨ ਕਈ ਪਿੰਡਾਂ ਦਾ ਸੰਪਰਕ ਟੁੱਟ ਗਿਆ ਹੈ। ਪ੍ਰਸ਼ਾਸਨ ਵੱਲੋਂ ਰਾਹਤ ਕਾਰਜ ਜਾਰੀ ਹਨ ਅਤੇ ਫ਼ੌਜ ਦੀ ਮਦਦ ਵੀ ਲਈ ਜਾ ਰਹੀ ਹੈ। ਹਜ਼ਾਰਾਂ ਏਕੜ ਫ਼ਸਲ ਪਾਣੀ ਵਿੱਚ ਡੁੱਬ ਗਈ ਹੈ ਜਿਸ ਨਾਲ ਕਿਸਾਨਾਂ ਨੂੰ ਭਾਰੀ ਨੁਕਸਾਨ ਹੋਇਆ ਹੈ। ਮੁੱਖ ਮੰਤਰੀ ਨੇ ਪ੍ਰਭਾਵਿਤ ਇਲਾਕਿਆਂ ਦਾ ਦੌਰਾ ਕਰਕੇ ਹਾਲਾਤ ਦਾ ਜਾਇਜ਼ਾ ਲਿਆ ਅਤੇ ਅਧਿਕਾਰੀਆਂ ਨੂੰ ਹਦਾਇਤਾਂ ਦਿੱਤੀਆਂ ਕਿ ਹਰ ਪ੍ਰਭਾਵਿਤ ਪਰਿਵਾਰ ਤੱਕ ਰਾਹਤ ਪਹੁੰਚਾਈ ਜਾਵੇ। ਉਨ੍ਹਾਂ ਕਿਹਾ ਕਿ ਗਿਰਦਾਵਰੀ ਦੇ ਹੁਕਮ ਦੇ ਦਿੱਤੇ ਗਏ ਹਨ ਅਤੇ ਮੁਆਵਜ਼ਾ ਜਲਦੀ ਵੰਡਿਆ ਜਾਵੇਗਾ।
ਮੁੱਖ ਮੰਤਰੀ ਵੱਲੋਂ ਪੰਜਾਬ ਦੇ ਹੜ੍ਹ ...
ਪੰਜਾਬ ਸਰਕਾਰ ਵੱਲੋਂ ਹੜ੍ਹ ਪ੍ਰਭਾਵਿਤ ਇਲਾਕਿਆਂ ਲਈ ਵਿਸ਼ੇਸ਼ ਰਾਹਤ ਪੈਕੇਜ ਦਾ ਐਲਾਨ ਕੀਤਾ ਗਿਆ ਹੈ। ਇਸ ਤਹਿਤ ਪ੍ਰਭਾਵਿਤ ਪਰਿਵਾਰਾਂ ਨੂੰ ਤੁਰੰਤ ਵਿੱਤੀ ਸਹਾਇਤਾ ਦਿੱਤੀ ਜਾਵੇਗੀ। ਅਧਿਕਾਰੀਆਂ ਨੂੰ ਹਦਾਇਤ ਕੀਤੀ ਗਈ ਹੈ ਕਿ ਰਾਹਤ ਕੈਂਪਾਂ ਵਿੱਚ ਖਾਣ-ਪੀਣ, ਦਵਾਈਆਂ ਅਤੇ ਪੀਣ ਵਾਲੇ ਸਾਫ਼ ਪਾਣੀ ਦਾ ਪੂਰਾ ਪ੍ਰਬੰਧ ਰੱਖਿਆ ਜਾਵੇ। ਸਿਹਤ ਵਿਭਾਗ ਵੱਲੋਂ ਮੈਡੀਕਲ ਟੀਮਾਂ ਤਾਇਨਾਤ ਕੀਤੀਆਂ ਗਈਆਂ ਹਨ ਤਾਂ ਜੋ ਬਿਮਾਰੀਆਂ ਫੈਲਣ ਤੋਂ ਰੋਕਿਆ ਜਾ ਸਕੇ।
ਸਰਕਾਰ ਵੱਲੋਂ ਜਾਰੀ ਅੰਕੜਿਆਂ ਅਨੁਸਾਰ ਹੁਣ ਤੱਕ ਹਜ਼ਾਰਾਂ ਲੋਕਾਂ ਨੂੰ ਸੁਰੱਖਿਅਤ ਥਾਵਾਂ 'ਤੇ ਪਹੁੰਚਾਇਆ ਜਾ ਚੁੱਕਾ ਹੈ। ਰਾਹਤ ਕੈਂਪਾਂ ਵਿੱਚ ਰਹਿ ਰਹੇ ਪਰਿਵਾਰਾਂ ਲਈ ਸਾਰੀਆਂ ਬੁਨਿਆਦੀ ਸਹੂਲਤਾਂ ਮੁਹੱਈਆ ਕਰਵਾਈਆਂ ਜਾ ਰਹੀਆਂ ਹਨ। ਅਧਿਕਾਰੀਆਂ ਨੇ ਦੱਸਿਆ ਕਿ ਸਥਿਤੀ ਹੌਲੀ-ਹੌਲੀ ਸੁਧਰ ਰਹੀ ਹੈ।
ਭਾਜਪਾ ਅਤੇ ਆਪ ਦੀ ਮਿਲੀਭੁਗਤ ...
ਪੁਲਿਸ ਨੇ ਕਿਹਾ ਕਿ ਅਫ਼ਵਾਹਾਂ ਫੈਲਾਉਣ ਵਾਲਿਆਂ ਖ਼ਿਲਾਫ਼ ਸਖ਼ਤ ਕਾਰਵਾਈ ਕੀਤੀ ਜਾਵੇਗੀ। ਸੋਸ਼ਲ ਮੀਡੀਆ ਉੱਤੇ ਨਜ਼ਰ ਰੱਖੀ ਜਾ ਰਹੀ ਹੈ। ਲੋਕਾਂ ਨੂੰ ਸਿਰਫ਼ ਅਧਿਕਾਰਤ ਸੂਚਨਾਵਾਂ ਉੱਤੇ ਹੀ ਭਰੋਸਾ ਕਰਨ ਦੀ ਸਲਾਹ ਦਿੱਤੀ ਗਈ ਹੈ।
ਅਧਿਕਾਰੀਆਂ ਨੇ ਦੱਸਿਆ ਕਿ ਬਿਜਲੀ ਸਪਲਾਈ ਬਹਾਲ ਕਰਨ ਦਾ ਕੰਮ ਤੇਜ਼ੀ ਨਾਲ ਚੱਲ ਰਿਹਾ ਹੈ। ਸੜਕਾਂ ਦੀ ਮੁਰੰਮਤ ਲਈ ਵੀ ਵਿਸ਼ੇਸ਼ ਟੀਮਾਂ ਲਾਈਆਂ ਗਈਆਂ ਹਨ। ਲੋਕਾਂ ਨੂੰ ਸਬਰ ਰੱਖਣ ਦੀ ਅਪੀਲ ਕੀਤੀ ਗਈ ਹੈ।
'ਸੱਚ' ਸੰਵੇਦਨਾ ਦਾ ਉਮੀਦਵਾਰ ...
ਵਿਦਿਆਰਥੀ ਜਥੇਬੰਦੀਆਂ ਨੇ ਵੀ ਰਾਹਤ ਕਾਰਜਾਂ ਵਿੱਚ ਵਧ-ਚੜ੍ਹ ਕੇ ਹਿੱਸਾ ਲਿਆ। ਉਨ੍ਹਾਂ ਪਿੰਡਾਂ ਵਿੱਚ ਜਾ ਕੇ ਰਾਸ਼ਨ ਅਤੇ ਦਵਾਈਆਂ ਵੰਡੀਆਂ। ਨੌਜਵਾਨਾਂ ਦੇ ਇਸ ਉਪਰਾਲੇ ਦੀ ਹਰ ਪਾਸੇ ਪ੍ਰਸ਼ੰਸਾ ਹੋ ਰਹੀ ਹੈ।
ਵਿਧਾਇਕ ਪ੍ਰਗਟ ਸਿੰਘ ਨੂੰ ਸਨਮਾਨ ਚਿੰਨ੍ਹ ਭੇਟ ਕਰਦੇ ਹੋਏ ਅਦਾਰੇ ਦੇ ਨੁਮਾਇੰਦੇ।
ਜਲੰਧਰ, 29 ਅਗਸਤ- ਵਿਧਾਇਕ ਪ੍ਰਗਟ ਸਿੰਘ ਅੱਜ ਹੱਕ ਸੱਚ ਦਾ ਪਹਿਰੇਦਾਰ ਦੇ ਸਬ-ਦਫ਼ਤਰ ਪਹੁੰਚੇ ਜਿੱਥੇ ਉਨ੍ਹਾਂ ਦਾ ਨਿੱਘਾ ਸਵਾਗਤ ਕੀਤਾ ਗਿਆ। ਇਸ ਮੌਕੇ ਉਨ੍ਹਾਂ ਪੰਜਾਬ ਦੇ ਮੌਜੂਦਾ ਸਿਆਸੀ ਹਾਲਾਤ ਅਤੇ ਹੜ੍ਹਾਂ ਦੀ ਸਥਿਤੀ ਬਾਰੇ ਵਿਸਥਾਰ ਨਾਲ ਚਰਚਾ ਕੀਤੀ। ਉਨ੍ਹਾਂ ਕਿਹਾ ਕਿ ਕਾਂਗਰਸ ਪਾਰਟੀ ਇੱਕਜੁੱਟ ਹੋ ਕੇ 2027 ਦੀਆਂ ਵਿਧਾਨ ਸਭਾ ਚੋਣਾਂ ਲੜੇਗੀ ਅਤੇ ਲੋਕਾਂ ਦੇ ਮੁੱਦਿਆਂ ਨੂੰ ਮਜ਼ਬੂਤੀ ਨਾਲ ਉਠਾਏਗੀ। ਪ੍ਰਗਟ ਸਿੰਘ ਨੇ ਕਿਹਾ ਕਿ ਸੂਬੇ ਵਿੱਚ ਬੇਰੁਜ਼ਗਾਰੀ, ਨਸ਼ਾ ਅਤੇ ਕਾਨੂੰਨ ਵਿਵਸਥਾ ਵੱਡੀਆਂ ਸਮੱਸਿਆਵਾਂ ਹਨ ਜਿਨ੍ਹਾਂ ਦਾ ਹੱਲ ਕੱਢਣਾ ਜ਼ਰੂਰੀ ਹੈ।
ਉਨ੍ਹਾਂ ਕਿਹਾ ਕਿ ਹੜ੍ਹ ਪੀੜਤਾਂ ਦੀ ਮਦਦ ਲਈ ਹਰ ਸੰਭਵ ਯਤਨ ਕੀਤੇ ਜਾਣੇ ਚਾਹੀਦੇ ਹਨ ਅਤੇ ਸਿਆਸਤ ਤੋਂ ਉੱਪਰ ਉੱਠ ਕੇ ਕੰਮ ਕਰਨ ਦੀ ਲੋੜ ਹੈ। ਵਿਧਾਇਕ ਨੇ ਕਿਹਾ ਕਿ ਉਹ ਖ਼ੁਦ ਪ੍ਰਭਾਵਿਤ ਪਿੰਡਾਂ ਵਿੱਚ ਜਾ ਕੇ ਲੋਕਾਂ ਨੂੰ ਰਾਹਤ ਸਮੱਗਰੀ ਵੰਡ ਰਹੇ ਹਨ। ਉਨ੍ਹਾਂ ਮੀਡੀਆ ਦੀ ਭੂਮਿਕਾ ਦੀ ਸ਼ਲਾਘਾ ਕਰਦਿਆਂ ਕਿਹਾ ਕਿ ਅਖ਼ਬਾਰਾਂ ਨੇ ਲੋਕਾਂ ਦੀਆਂ ਮੁਸ਼ਕਲਾਂ ਨੂੰ ਸਰਕਾਰ ਤੱਕ ਪਹੁੰਚਾਉਣ ਵਿੱਚ ਅਹਿਮ ਯੋਗਦਾਨ ਪਾਇਆ ਹੈ। ਇਸ ਮੌਕੇ ਅਦਾਰੇ ਵੱਲੋਂ ਉਨ੍ਹਾਂ ਨੂੰ ਸਨਮਾਨ ਚਿੰਨ੍ਹ ਭੇਟ ਕੀਤਾ ਗਿਆ।
ਮੀਟਿੰਗ ਦੌਰਾਨ ਵੱਖ-ਵੱਖ ਮੁੱਦਿਆਂ 'ਤੇ ਖੁੱਲ੍ਹ ਕੇ ਵਿਚਾਰ-ਵਟਾਂਦਰਾ ਹੋਇਆ। ਪ੍ਰਗਟ ਸਿੰਘ ਨੇ ਕਿਹਾ ਕਿ ਪੰਜਾਬ ਦੇ ਪਾਣੀਆਂ ਦਾ ਮਸਲਾ ਸਭ ਤੋਂ ਅਹਿਮ ਹੈ ਅਤੇ ਇਸ ਸਬੰਧੀ ਸਾਰੀਆਂ ਧਿਰਾਂ ਨੂੰ ਇੱਕ ਮੰਚ 'ਤੇ ਆਉਣਾ ਚਾਹੀਦਾ ਹੈ। ਉਨ੍ਹਾਂ ਕਿਹਾ ਕਿ ਨੌਜਵਾਨਾਂ ਦਾ ਵਿਦੇਸ਼ਾਂ ਵੱਲ ਪਰਵਾਸ ਚਿੰਤਾ ਦਾ ਵਿਸ਼ਾ ਹੈ ਅਤੇ ਰੁਜ਼ਗਾਰ ਦੇ ਮੌਕੇ ਪੈਦਾ ਕਰਨੇ ਸਮੇਂ ਦੀ ਮੁੱਖ ਲੋੜ ਹੈ। ਅੰਤ ਵਿੱਚ ਉਨ੍ਹਾਂ ਪਾਠਕਾਂ ਨੂੰ ਸ਼ੁਭਕਾਮਨਾਵਾਂ ਦਿੱਤੀਆਂ।
ਪੰਥਕ ਜਥੇਬੰਦੀਆਂ ਨੇ ਸਾਂਝੇ ਬਿਆਨ ਵਿੱਚ ਕਿਹਾ ਕਿ ਮੌਜੂਦਾ ਹਾਲਾਤ ਵਿੱਚ ਸਾਰਿਆਂ ਨੂੰ ਮਿਲ ਕੇ ਕੰਮ ਕਰਨ ਦੀ ਲੋੜ ਹੈ। ਉਨ੍ਹਾਂ ਸੰਗਤਾਂ ਨੂੰ ਅਪੀਲ ਕੀਤੀ ਕਿ ਉਹ ਲੋੜਵੰਦਾਂ ਦੀ ਮਦਦ ਲਈ ਅੱਗੇ ਆਉਣ। ਗੁਰਦੁਆਰਾ ਸਾਹਿਬਾਨ ਵਿੱਚ ਰਾਹਤ ਸਮੱਗਰੀ ਇਕੱਠੀ ਕੀਤੀ ਜਾ ਰਹੀ ਹੈ।
ਅੰਤ ਵਿੱਚ ਆਗੂਆਂ ਨੇ ਕਿਹਾ ਕਿ ਕੁਦਰਤੀ ਆਫ਼ਤਾਂ ਦਾ ਮੁਕਾਬਲਾ ਕਰਨ ਲਈ ਪੱਕੇ ਪ੍ਰਬੰਧ ਕੀਤੇ ਜਾਣੇ ਚਾਹੀਦੇ ਹਨ। ਉਨ੍ਹਾਂ ਕਿਹਾ ਕਿ ਦਰਿਆਵਾਂ ਦੀ ਸਫ਼ਾਈ ਅਤੇ ਬੰਨ੍ਹਾਂ ਦੀ ਮਜ਼ਬੂਤੀ ਸਮੇਂ ਸਿਰ ਕੀਤੀ ਜਾਣੀ ਚਾਹੀਦੀ ਹੈ ਤਾਂ ਜੋ ਭਵਿੱਖ ਵਿੱਚ ਇਹੋ ਜਿਹੇ ਹਾਲਾਤ ਪੈਦਾ ਨਾ ਹੋਣ।
ਉਨ੍ਹਾਂ ਕਿਹਾ ਕਿ ਹੜ੍ਹ ਪੀੜਤਾਂ ਦੀ ਮਦਦ ਲਈ ਹਰ ਸੰਭਵ ਯਤਨ ਕੀਤੇ ਜਾਣੇ ਚਾਹੀਦੇ ਹਨ ਅਤੇ ਸਿਆਸਤ ਤੋਂ ਉੱਪਰ ਉੱਠ ਕੇ ਕੰਮ ਕਰਨ ਦੀ ਲੋੜ ਹੈ। ਵਿਧਾਇਕ ਨੇ ਕਿਹਾ ਕਿ ਉਹ ਖ਼ੁਦ ਪ੍ਰਭਾਵਿਤ ਪਿੰਡਾਂ ਵਿੱਚ ਜਾ ਕੇ ਲੋਕਾਂ ਨੂੰ ਰਾਹਤ ਸਮੱਗਰੀ ਵੰਡ ਰਹੇ ਹਨ। ਉਨ੍ਹਾਂ ਮੀਡੀਆ ਦੀ ਭੂਮਿਕਾ ਦੀ ਸ਼ਲਾਘਾ ਕਰਦਿਆਂ ਕਿਹਾ ਕਿ ਅਖ਼ਬਾਰਾਂ ਨੇ ਲੋਕਾਂ ਦੀਆਂ ਮੁਸ਼ਕਲਾਂ ਨੂੰ ਸਰਕਾਰ ਤੱਕ ਪਹੁੰਚਾਉਣ ਵਿੱਚ ਅਹਿਮ ਯੋਗਦਾਨ ਪਾਇਆ ਹੈ। ਇਸ ਮੌਕੇ ਅਦਾਰੇ ਵੱਲੋਂ ਉਨ੍ਹਾਂ ਨੂੰ ਸਨਮਾਨ ਚਿੰਨ੍ਹ ਭੇਟ ਕੀਤਾ ਗਿਆ।
ਮੀਟਿੰਗ ਦੌਰਾਨ ਵੱਖ-ਵੱਖ ਮੁੱਦਿਆਂ 'ਤੇ ਖੁੱਲ੍ਹ ਕੇ ਵਿਚਾਰ-ਵਟਾਂਦਰਾ ਹੋਇਆ। ਪ੍ਰਗਟ ਸਿੰਘ ਨੇ ਕਿਹਾ ਕਿ ਪੰਜਾਬ ਦੇ ਪਾਣੀਆਂ ਦਾ ਮਸਲਾ ਸਭ ਤੋਂ ਅਹਿਮ ਹੈ ਅਤੇ ਇਸ ਸਬੰਧੀ ਸਾਰੀਆਂ ਧਿਰਾਂ ਨੂੰ ਇੱਕ ਮੰਚ 'ਤੇ ਆਉਣਾ ਚਾਹੀਦਾ ਹੈ। ਉਨ੍ਹਾਂ ਕਿਹਾ ਕਿ ਨੌਜਵਾਨਾਂ ਦਾ ਵਿਦੇਸ਼ਾਂ ਵੱਲ ਪਰਵਾਸ ਚਿੰਤਾ ਦਾ ਵਿਸ਼ਾ ਹੈ ਅਤੇ ਰੁਜ਼ਗਾਰ ਦੇ ਮੌਕੇ ਪੈਦਾ ਕਰਨੇ ਸਮੇਂ ਦੀ ਮੁੱਖ ਲੋੜ ਹੈ। ਅੰਤ ਵਿੱਚ ਉਨ੍ਹਾਂ ਪਾਠਕਾਂ ਨੂੰ ਸ਼ੁਭਕਾਮਨਾਵਾਂ ਦਿੱਤੀਆਂ।
ਸਮਾਜ ਸੇਵੀ ਸੰਸਥਾਵਾਂ ਅਤੇ ਧਾਰਮਿਕ ਜਥੇਬੰਦੀਆਂ ਵੀ ਰਾਹਤ ਕਾਰਜਾਂ ਵਿੱਚ ਵੱਡੇ ਪੱਧਰ 'ਤੇ ਹਿੱਸਾ ਲੈ ਰਹੀਆਂ ਹਨ। ਥਾਂ-ਥਾਂ ਲੰਗਰ ਲਗਾਏ ਗਏ ਹਨ ਅਤੇ ਬੇੜੀਆਂ ਰਾਹੀਂ ਲੋਕਾਂ ਨੂੰ ਸੁਰੱਖਿਅਤ ਥਾਵਾਂ 'ਤੇ ਪਹੁੰਚਾਇਆ ਜਾ ਰਿਹਾ ਹੈ। ਨੌਜਵਾਨਾਂ ਦੀਆਂ ਟੀਮਾਂ ਦਿਨ-ਰਾਤ ਸੇਵਾ ਵਿੱਚ ਜੁਟੀਆਂ ਹੋਈਆਂ ਹਨ। ਲੋਕਾਂ ਨੇ ਇਸ ਸੇਵਾ ਭਾਵਨਾ ਦੀ ਭਰਪੂਰ ਸ਼ਲਾਘਾ ਕੀਤੀ ਹੈ।
ਸਰਕਾਰ ਵੱਲੋਂ ਜਾਰੀ ਅੰਕੜਿਆਂ ਅਨੁਸਾਰ ਹੁਣ ਤੱਕ ਹਜ਼ਾਰਾਂ ਲੋਕਾਂ ਨੂੰ ਸੁਰੱਖਿਅਤ ਥਾਵਾਂ 'ਤੇ ਪਹੁੰਚਾਇਆ ਜਾ ਚੁੱਕਾ ਹੈ। ਰਾਹਤ ਕੈਂਪਾਂ ਵਿੱਚ ਰਹਿ ਰਹੇ ਪਰਿਵਾਰਾਂ ਲਈ ਸਾਰੀਆਂ ਬੁਨਿਆਦੀ ਸਹੂਲਤਾਂ ਮੁਹੱਈਆ ਕਰਵਾਈਆਂ ਜਾ ਰਹੀਆਂ ਹਨ। ਅਧਿਕਾਰੀਆਂ ਨੇ ਦੱਸਿਆ ਕਿ ਸਥਿਤੀ ਹੌਲੀ-ਹੌਲੀ ਸੁਧਰ ਰਹੀ ਹੈ।
ਜਲੰਧਰ, 29 ਅਗਸਤ- ਵਿਧਾਇਕ ਪ੍ਰਗਟ ਸਿੰਘ ਅੱਜ ਹੱਕ ਸੱਚ ਦਾ ਪਹਿਰੇਦਾਰ ਦੇ ਸਬ-ਦਫ਼ਤਰ ਪਹੁੰਚੇ ਜਿੱਥੇ ਉਨ੍ਹਾਂ ਦਾ ਨਿੱਘਾ ਸਵਾਗਤ ਕੀਤਾ ਗਿਆ। ਇਸ ਮੌਕੇ ਉਨ੍ਹਾਂ ਪੰਜਾਬ ਦੇ ਮੌਜੂਦਾ ਸਿਆਸੀ ਹਾਲਾਤ ਅਤੇ ਹੜ੍ਹਾਂ ਦੀ ਸਥਿਤੀ ਬਾਰੇ ਵਿਸਥਾਰ ਨਾਲ ਚਰਚਾ ਕੀਤੀ। ਉਨ੍ਹਾਂ ਕਿਹਾ ਕਿ ਕਾਂਗਰਸ ਪਾਰਟੀ ਇੱਕਜੁੱਟ ਹੋ ਕੇ 2027 ਦੀਆਂ ਵਿਧਾਨ ਸਭਾ ਚੋਣਾਂ ਲੜੇਗੀ ਅਤੇ ਲੋਕਾਂ ਦੇ ਮੁੱਦਿਆਂ ਨੂੰ ਮਜ਼ਬੂਤੀ ਨਾਲ ਉਠਾਏਗੀ। ਪ੍ਰਗਟ ਸਿੰਘ ਨੇ ਕਿਹਾ ਕਿ ਸੂਬੇ ਵਿੱਚ ਬੇਰੁਜ਼ਗਾਰੀ, ਨਸ਼ਾ ਅਤੇ ਕਾਨੂੰਨ ਵਿਵਸਥਾ ਵੱਡੀਆਂ ਸਮੱਸਿਆਵਾਂ ਹਨ ਜਿਨ੍ਹਾਂ ਦਾ ਹੱਲ ਕੱਢਣਾ ਜ਼ਰੂਰੀ ਹੈ।
ਪੰਜਾਬ ਸਰਕਾਰ ਵੱਲੋਂ ਹੜ੍ਹ ਪ੍ਰਭਾਵਿਤ ਇਲਾਕਿਆਂ ਲਈ ਵਿਸ਼ੇਸ਼ ਰਾਹਤ ਪੈਕੇਜ ਦਾ ਐਲਾਨ ਕੀਤਾ ਗਿਆ ਹੈ। ਇਸ ਤਹਿਤ ਪ੍ਰਭਾਵਿਤ ਪਰਿਵਾਰਾਂ ਨੂੰ ਤੁਰੰਤ ਵਿੱਤੀ ਸਹਾਇਤਾ ਦਿੱਤੀ ਜਾਵੇਗੀ। ਅਧਿਕਾਰੀਆਂ ਨੂੰ ਹਦਾਇਤ ਕੀਤੀ ਗਈ ਹੈ ਕਿ ਰਾਹਤ ਕੈਂਪਾਂ ਵਿੱਚ ਖਾਣ-ਪੀਣ, ਦਵਾਈਆਂ ਅਤੇ ਪੀਣ ਵਾਲੇ ਸਾਫ਼ ਪਾਣੀ ਦਾ ਪੂਰਾ ਪ੍ਰਬੰਧ ਰੱਖਿਆ ਜਾਵੇ। ਸਿਹਤ ਵਿਭਾਗ ਵੱਲੋਂ ਮੈਡੀਕਲ ਟੀਮਾਂ ਤਾਇਨਾਤ ਕੀਤੀਆਂ ਗਈਆਂ ਹਨ ਤਾਂ ਜੋ ਬਿਮਾਰੀਆਂ ਫੈਲਣ ਤੋਂ ਰੋਕਿਆ ਜਾ ਸਕੇ।
ਪੰਜਾਬ ਯੂਨੀਵਰਸਿਟੀਆਂ 'ਚ ਮਾਨਕਬੰਦੀ
ਪੰਜਾਬ ਯੂਨੀਵਰਸਿਟੀ ਦੇ ਸੈਨੇਟ ਚੋਣਾਂ ਦੇ ਮਾਮਲੇ ਵਿੱਚ ਵੱਖ-ਵੱਖ ਜਥੇਬੰਦੀਆਂ ਵੱਲੋਂ ਰੋਸ ਪ੍ਰਗਟਾਇਆ ਗਿਆ। ਆਗੂਆਂ ਨੇ ਕਿਹਾ ਕਿ ਯੂਨੀਵਰਸਿਟੀ ਦੀ ਖ਼ੁਦਮੁਖ਼ਤਿਆਰੀ ਨਾਲ ਕੋਈ ਸਮਝੌਤਾ ਬਰਦਾਸ਼ਤ ਨਹੀਂ ਕੀਤਾ ਜਾਵੇਗਾ। ਉਨ੍ਹਾਂ ਮੰਗ ਕੀਤੀ ਕਿ ਸੈਨੇਟ ਚੋਣਾਂ ਤੁਰੰਤ ਕਰਵਾਈਆਂ ਜਾਣ ਅਤੇ ਵਿਦਿਆਰਥੀਆਂ ਦੇ ਹਿੱਤਾਂ ਦੀ ਰਾਖੀ ਕੀਤੀ ਜਾਵੇ। ਇਸ ਮੌਕੇ ਵੱਡੀ ਗਿਣਤੀ ਵਿੱਚ ਅਧਿਆਪਕ ਅਤੇ ਵਿਦਿਆਰਥੀ ਹਾਜ਼ਰ ਸਨ।
ਪਹੁੰ ਕਤਲ ਸਾਜ਼ਿਸ਼ ਵਿੱਚ ਸ਼ਾਮਿਲ
ਪੁਲਿਸ ਨੇ ਕਿਹਾ ਕਿ ਅਫ਼ਵਾਹਾਂ ਫੈਲਾਉਣ ਵਾਲਿਆਂ ਖ਼ਿਲਾਫ਼ ਸਖ਼ਤ ਕਾਰਵਾਈ ਕੀਤੀ ਜਾਵੇਗੀ। ਸੋਸ਼ਲ ਮੀਡੀਆ ਉੱਤੇ ਨਜ਼ਰ ਰੱਖੀ ਜਾ ਰਹੀ ਹੈ। ਲੋਕਾਂ ਨੂੰ ਸਿਰਫ਼ ਅਧਿਕਾਰਤ ਸੂਚਨਾਵਾਂ ਉੱਤੇ ਹੀ ਭਰੋਸਾ ਕਰਨ ਦੀ ਸਲਾਹ ਦਿੱਤੀ ਗਈ ਹੈ।
ਮੌਸਮ ਵਿਭਾਗ ਨੇ ਅਗਲੇ ਦਿਨਾਂ ਵਿੱਚ ਹੋਰ ਮੀਂਹ ਪੈਣ ਦੀ ਸੰਭਾਵਨਾ ਜਤਾਈ ਹੈ। ਪ੍ਰਸ਼ਾਸਨ ਨੇ ਸਾਰੇ ਵਿਭਾਗਾਂ ਨੂੰ ਚੌਕਸ ਰਹਿਣ ਦੇ ਹੁਕਮ ਦਿੱਤੇ ਹਨ। ਸਕੂਲਾਂ ਵਿੱਚ ਛੁੱਟੀਆਂ ਦਾ ਐਲਾਨ ਕੀਤਾ ਗਿਆ ਹੈ ਅਤੇ ਕੰਟਰੋਲ ਰੂਮ ਸਥਾਪਿਤ ਕੀਤੇ ਗਏ ਹਨ ਜਿੱਥੇ ਲੋਕ ਮਦਦ ਲਈ ਸੰਪਰਕ ਕਰ ਸਕਦੇ ਹਨ।
ਜਾਪਾਨ ਅਗਲੇ ਦਹਾਕੇ ਵਿੱਚ ...
ਅੰਤ ਵਿੱਚ ਆਗੂਆਂ ਨੇ ਕਿਹਾ ਕਿ ਕੁਦਰਤੀ ਆਫ਼ਤਾਂ ਦਾ ਮੁਕਾਬਲਾ ਕਰਨ ਲਈ ਪੱਕੇ ਪ੍ਰਬੰਧ ਕੀਤੇ ਜਾਣੇ ਚਾਹੀਦੇ ਹਨ। ਉਨ੍ਹਾਂ ਕਿਹਾ ਕਿ ਦਰਿਆਵਾਂ ਦੀ ਸਫ਼ਾਈ ਅਤੇ ਬੰਨ੍ਹਾਂ ਦੀ ਮਜ਼ਬੂਤੀ ਸਮੇਂ ਸਿਰ ਕੀਤੀ ਜਾਣੀ ਚਾਹੀਦੀ ਹੈ ਤਾਂ ਜੋ ਭਵਿੱਖ ਵਿੱਚ ਇਹੋ ਜਿਹੇ ਹਾਲਾਤ ਪੈਦਾ ਨਾ ਹੋਣ।
ਪੰਥ ਜੀ ਸਾਵਧਾਨ......
ਪੰਥਕ ਜਥੇਬੰਦੀਆਂ ਨੇ ਸਾਂਝੇ ਬਿਆਨ ਵਿੱਚ ਕਿਹਾ ਕਿ ਮੌਜੂਦਾ ਹਾਲਾਤ ਵਿੱਚ ਸਾਰਿਆਂ ਨੂੰ ਮਿਲ ਕੇ ਕੰਮ ਕਰਨ ਦੀ ਲੋੜ ਹੈ। ਉਨ੍ਹਾਂ ਸੰਗਤਾਂ ਨੂੰ ਅਪੀਲ ਕੀਤੀ ਕਿ ਉਹ ਲੋੜਵੰਦਾਂ ਦੀ ਮਦਦ ਲਈ ਅੱਗੇ ਆਉਣ। ਗੁਰਦੁਆਰਾ ਸਾਹਿਬਾਨ ਵਿੱਚ ਰਾਹਤ ਸਮੱਗਰੀ ਇਕੱਠੀ ਕੀਤੀ ਜਾ ਰਹੀ ਹੈ।
Editor, Printer and Publisher Rishabdeep Singh, Printed at: Impression Printing & Packaging (Ltd.) Plot No. 22 Phase-2 Industrial Area Panchkula (Haryana) 134109 & Published From 3223, First Floor, Sector-35D, Chandigarh
